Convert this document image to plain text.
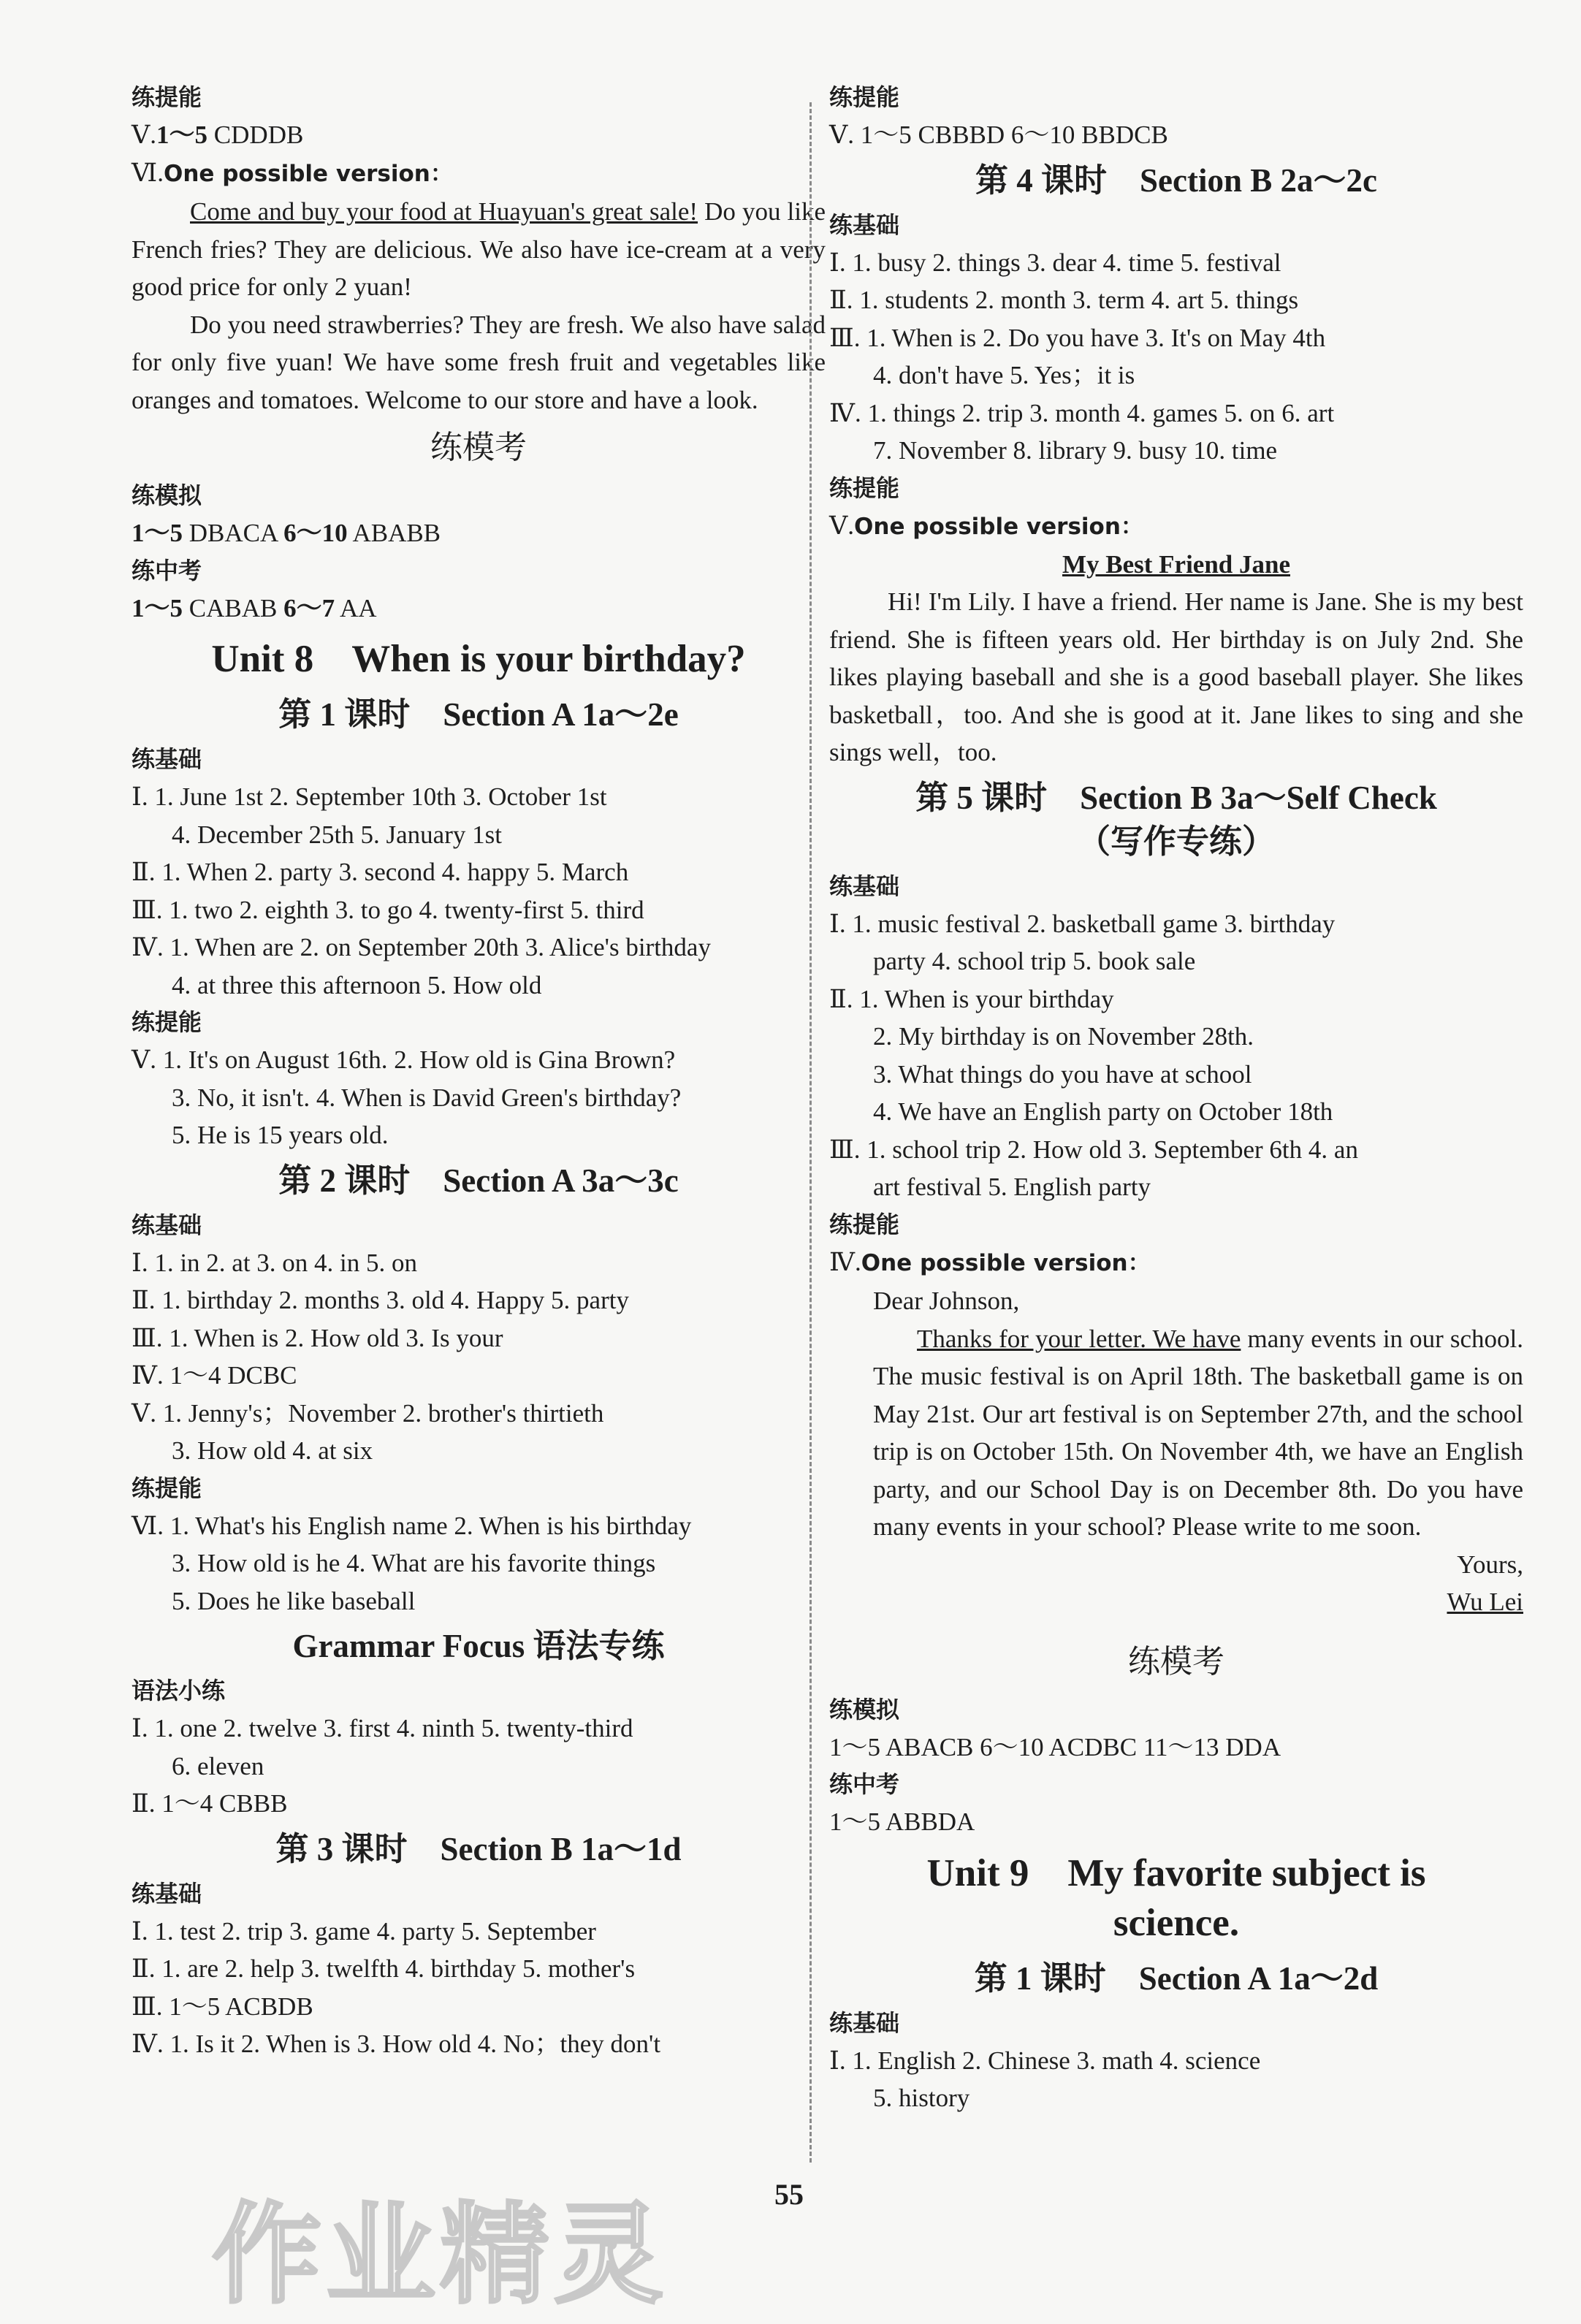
练提能
Ⅴ.1～5 CDDDB
Ⅵ.One possible version：
Come and buy your food at Huayuan's great sale! Do you like French fries? They are delicious. We also have ice-cream at a very good price for only 2 yuan!
Do you need strawberries? They are fresh. We also have salad for only five yuan! We have some fresh fruit and vegetables like oranges and tomatoes. Welcome to our store and have a look.
练模考
练模拟
1～5 DBACA 6～10 ABABB
练中考
1～5 CABAB 6～7 AA
Unit 8    When is your birthday?
第 1 课时    Section A 1a～2e
练基础
Ⅰ. 1. June 1st 2. September 10th 3. October 1st
4. December 25th 5. January 1st
Ⅱ. 1. When 2. party 3. second 4. happy 5. March
Ⅲ. 1. two 2. eighth 3. to go 4. twenty-first 5. third
Ⅳ. 1. When are 2. on September 20th 3. Alice's birthday
4. at three this afternoon 5. How old
练提能
Ⅴ. 1. It's on August 16th. 2. How old is Gina Brown?
3. No, it isn't. 4. When is David Green's birthday?
5. He is 15 years old.
第 2 课时    Section A 3a～3c
练基础
Ⅰ. 1. in 2. at 3. on 4. in 5. on
Ⅱ. 1. birthday 2. months 3. old 4. Happy 5. party
Ⅲ. 1. When is 2. How old 3. Is your
Ⅳ. 1～4 DCBC
Ⅴ. 1. Jenny's；November 2. brother's thirtieth
3. How old 4. at six
练提能
Ⅵ. 1. What's his English name 2. When is his birthday
3. How old is he 4. What are his favorite things
5. Does he like baseball
Grammar Focus 语法专练
语法小练
Ⅰ. 1. one 2. twelve 3. first 4. ninth 5. twenty-third
6. eleven
Ⅱ. 1～4 CBBB
第 3 课时    Section B 1a～1d
练基础
Ⅰ. 1. test 2. trip 3. game 4. party 5. September
Ⅱ. 1. are 2. help 3. twelfth 4. birthday 5. mother's
Ⅲ. 1～5 ACBDB
Ⅳ. 1. Is it 2. When is 3. How old 4. No；they don't
练提能
Ⅴ. 1～5 CBBBD 6～10 BBDCB
第 4 课时    Section B 2a～2c
练基础
Ⅰ. 1. busy 2. things 3. dear 4. time 5. festival
Ⅱ. 1. students 2. month 3. term 4. art 5. things
Ⅲ. 1. When is 2. Do you have 3. It's on May 4th
4. don't have 5. Yes；it is
Ⅳ. 1. things 2. trip 3. month 4. games 5. on 6. art
7. November 8. library 9. busy 10. time
练提能
Ⅴ.One possible version：
My Best Friend Jane
Hi! I'm Lily. I have a friend. Her name is Jane. She is my best friend. She is fifteen years old. Her birthday is on July 2nd. She likes playing baseball and she is a good baseball player. She likes basketball，too. And she is good at it. Jane likes to sing and she sings well，too.
第 5 课时    Section B 3a～Self Check
（写作专练）
练基础
Ⅰ. 1. music festival 2. basketball game 3. birthday
party 4. school trip 5. book sale
Ⅱ. 1. When is your birthday
2. My birthday is on November 28th.
3. What things do you have at school
4. We have an English party on October 18th
Ⅲ. 1. school trip 2. How old 3. September 6th 4. an
art festival 5. English party
练提能
Ⅳ.One possible version：
Dear Johnson,
Thanks for your letter. We have many events in our school. The music festival is on April 18th. The basketball game is on May 21st. Our art festival is on September 27th, and the school trip is on October 15th. On November 4th, we have an English party, and our School Day is on December 8th. Do you have many events in your school? Please write to me soon.
Yours,
Wu Lei
练模考
练模拟
1～5 ABACB 6～10 ACDBC 11～13 DDA
练中考
1～5 ABBDA
Unit 9    My favorite subject is
science.
第 1 课时    Section A 1a～2d
练基础
Ⅰ. 1. English 2. Chinese 3. math 4. science
5. history
55
作业精灵
